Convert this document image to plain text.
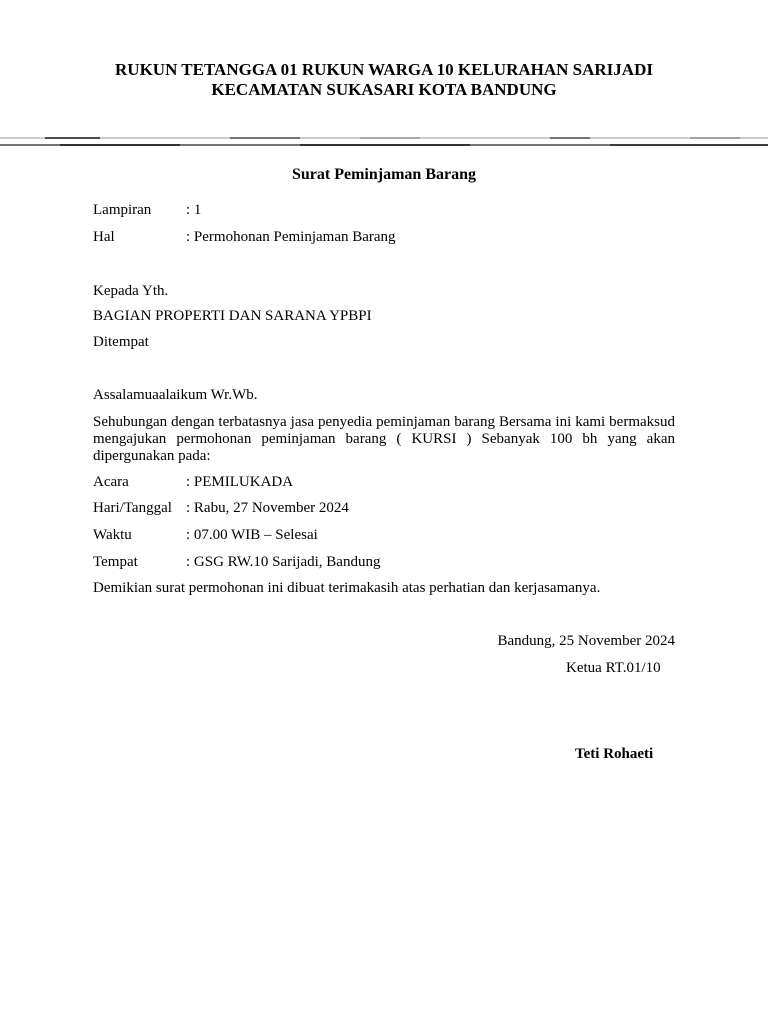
RUKUN TETANGGA 01 RUKUN WARGA 10 KELURAHAN SARIJADI
KECAMATAN SUKASARI KOTA BANDUNG
Surat Peminjaman Barang
Lampiran : 1
Hal	: Permohonan Peminjaman Barang
Kepada Yth.
BAGIAN PROPERTI DAN SARANA YPBPI
Ditempat
Assalamuaalaikum Wr.Wb.
Sehubungan dengan terbatasnya jasa penyedia peminjaman barang Bersama ini kami bermaksud mengajukan permohonan peminjaman barang ( KURSI ) Sebanyak 100 bh yang akan dipergunakan pada:
Acara	: PEMILUKADA
Hari/Tanggal : Rabu, 27 November 2024
Waktu	: 07.00 WIB – Selesai
Tempat	: GSG RW.10 Sarijadi, Bandung
Demikian surat permohonan ini dibuat terimakasih atas perhatian dan kerjasamanya.
Bandung, 25 November 2024
Ketua RT.01/10
Teti Rohaeti
